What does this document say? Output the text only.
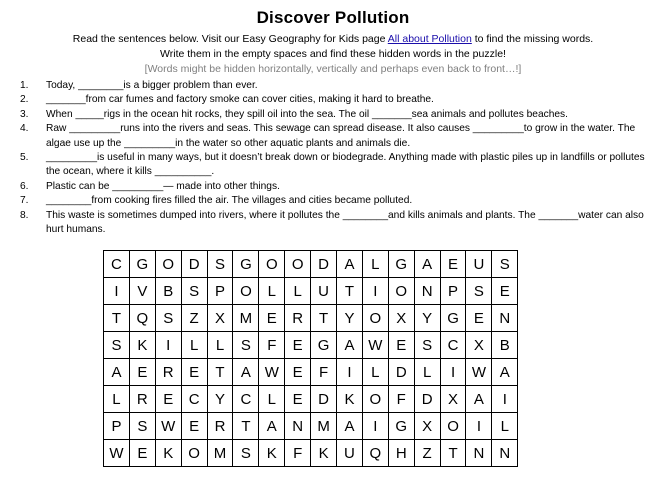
Discover Pollution
Read the sentences below. Visit our Easy Geography for Kids page All about Pollution to find the missing words.
Write them in the empty spaces and find these hidden words in the puzzle!
[Words might be hidden horizontally, vertically and perhaps even back to front…!]
1. Today, ________is a bigger problem than ever.
2. _______from car fumes and factory smoke can cover cities, making it hard to breathe.
3. When _____rigs in the ocean hit rocks, they spill oil into the sea. The oil _______sea animals and pollutes beaches.
4. Raw _________runs into the rivers and seas. This sewage can spread disease. It also causes _________to grow in the water. The algae use up the _________in the water so other aquatic plants and animals die.
5. _________is useful in many ways, but it doesn’t break down or biodegrade. Anything made with plastic piles up in landfills or pollutes the ocean, where it kills __________.
6. Plastic can be _________— made into other things.
7. ________from cooking fires filled the air. The villages and cities became polluted.
8. This waste is sometimes dumped into rivers, where it pollutes the ________and kills animals and plants. The _______water can also hurt humans.
C	G	O	D	S	G	O	O	D	A	L	G	A	E	U	S
I	V	B	S	P	O	L	L	U	T	I	O	N	P	S	E
T	Q	S	Z	X	M	E	R	T	Y	O	X	Y	G	E	N
S	K	I	L	L	S	F	E	G	A	W	E	S	C	X	B
A	E	R	E	T	A	W	E	F	I	L	D	L	I	W	A
L	R	E	C	Y	C	L	E	D	K	O	F	D	X	A	I
P	S	W	E	R	T	A	N	M	A	I	G	X	O	I	L
W	E	K	O	M	S	K	F	K	U	Q	H	Z	T	N	N
